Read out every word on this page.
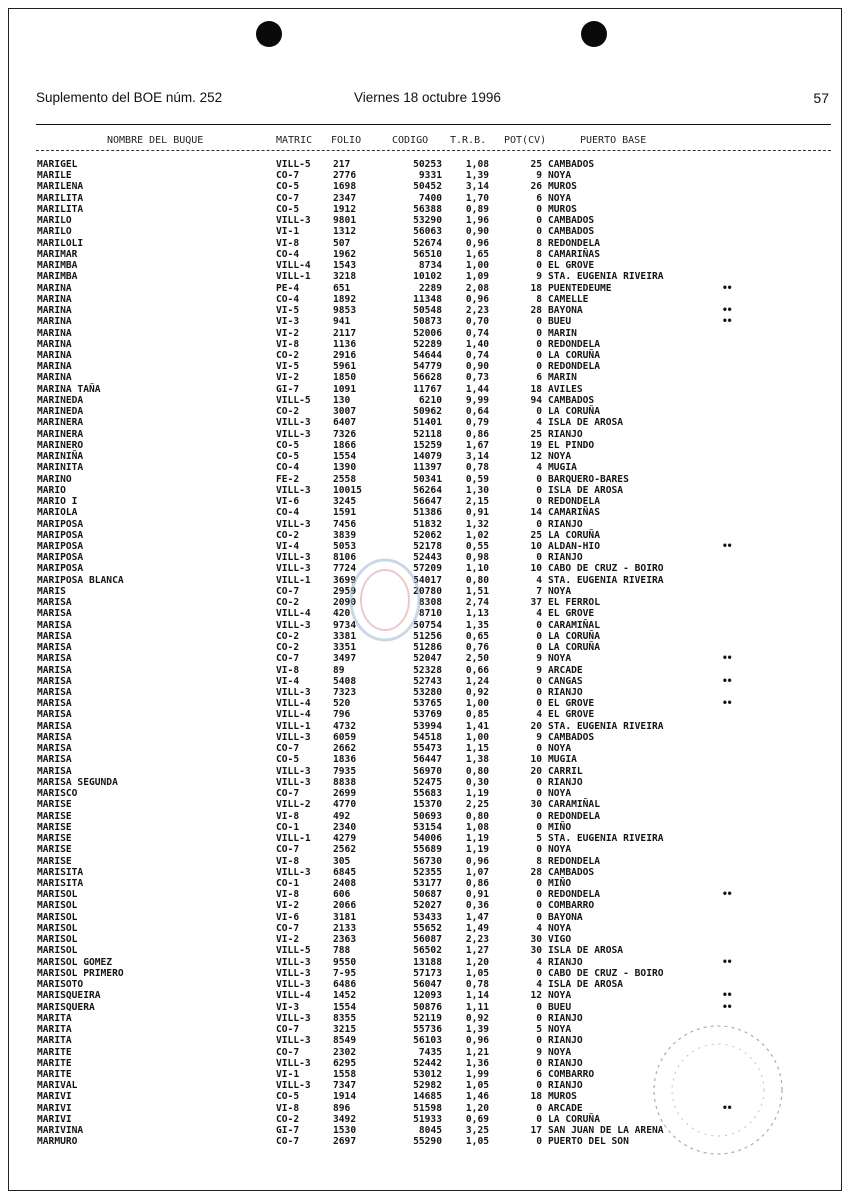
Suplemento del BOE núm. 252	Viernes 18 octubre 1996	57
NOMBRE DEL BUQUE	MATRIC FOLIO	CODIGO T.R.B. POT(CV)	PUERTO BASE
MARIGEL	VILL-5 217	50253	1,08	25 CAMBADOS
MARILE	CO-7	2776	9331	1,39	9 NOYA
MARILENA	CO-5	1698	50452	3,14	26 MUROS
MARILITA	CO-7	2347	7400	1,70	6 NOYA
MARILITA	CO-5	1912	56388	0,89	0 MUROS
MARILO	VILL-3 9801	53290	1,96	0 CAMBADOS
MARILO	VI-1	1312	56063	0,90	0 CAMBADOS
MARILOLI	VI-8	507	52674	0,96	8 REDONDELA
MARIMAR	CO-4	1962	56510	1,65	8 CAMARIÑAS
MARIMBA	VILL-4 1543	8734	1,00	0 EL GROVE
MARIMBA	VILL-1 3218	10102	1,09	9 STA. EUGENIA RIVEIRA
MARINA	PE-4	651	2289	2,08	18 PUENTEDEUME	••
MARINA	CO-4	1892	11348	0,96	8 CAMELLE
MARINA	VI-5	9853	50548	2,23	28 BAYONA	••
MARINA	VI-3	941	50873	0,70	0 BUEU	••
MARINA	VI-2	2117	52006	0,74	0 MARIN
MARINA	VI-8	1136	52289	1,40	0 REDONDELA
MARINA	CO-2	2916	54644	0,74	0 LA CORUÑA
MARINA	VI-5	5961	54779	0,90	0 REDONDELA
MARINA	VI-2	1850	56628	0,73	6 MARIN
MARINA TAÑA	GI-7	1091	11767	1,44	18 AVILES
MARINEDA	VILL-5 130	6210	9,99	94 CAMBADOS
MARINEDA	CO-2	3007	50962	0,64	0 LA CORUÑA
MARINERA	VILL-3 6407	51401	0,79	4 ISLA DE AROSA
MARINERA	VILL-3 7326	52118	0,86	25 RIANJO
MARINERO	CO-5	1866	15259	1,67	19 EL PINDO
MARINIÑA	CO-5	1554	14079	3,14	12 NOYA
MARINITA	CO-4	1390	11397	0,78	4 MUGIA
MARINO	FE-2	2558	50341	0,59	0 BARQUERO-BARES
MARIO	VILL-3 10015	56264	1,30	0 ISLA DE AROSA
MARIO I	VI-6	3245	56647	2,15	0 REDONDELA
MARIOLA	CO-4	1591	51386	0,91	14 CAMARIÑAS
MARIPOSA	VILL-3 7456	51832	1,32	0 RIANJO
MARIPOSA	CO-2	3839	52062	1,02	25 LA CORUÑA
MARIPOSA	VI-4	5053	52178	0,55	10 ALDAN-HIO	••
MARIPOSA	VILL-3 8106	52443	0,98	0 RIANJO
MARIPOSA	VILL-3 7724	57209	1,10	10 CABO DE CRUZ - BOIRO
MARIPOSA BLANCA	VILL-1 3699	54017	0,80	4 STA. EUGENIA RIVEIRA
MARIS	CO-7	2959	20780	1,51	7 NOYA
MARISA	CO-2	2090	8308	2,74	37 EL FERROL
MARISA	VILL-4 420	8710	1,13	4 EL GROVE
MARISA	VILL-3 9734	50754	1,35	0 CARAMIÑAL
MARISA	CO-2	3381	51256	0,65	0 LA CORUÑA
MARISA	CO-2	3351	51286	0,76	0 LA CORUÑA
MARISA	CO-7	3497	52047	2,50	9 NOYA	••
MARISA	VI-8	89	52328	0,66	9 ARCADE
MARISA	VI-4	5408	52743	1,24	0 CANGAS	••
MARISA	VILL-3 7323	53280	0,92	0 RIANJO
MARISA	VILL-4 520	53765	1,00	0 EL GROVE	••
MARISA	VILL-4 796	53769	0,85	4 EL GROVE
MARISA	VILL-1 4732	53994	1,41	20 STA. EUGENIA RIVEIRA
MARISA	VILL-3 6059	54518	1,00	9 CAMBADOS
MARISA	CO-7	2662	55473	1,15	0 NOYA
MARISA	CO-5	1836	56447	1,38	10 MUGIA
MARISA	VILL-3 7935	56970	0,80	20 CARRIL
MARISA SEGUNDA	VILL-3 8838	52475	0,30	0 RIANJO
MARISCO	CO-7	2699	55683	1,19	0 NOYA
MARISE	VILL-2 4770	15370	2,25	30 CARAMIÑAL
MARISE	VI-8	492	50693	0,80	0 REDONDELA
MARISE	CO-1	2340	53154	1,08	0 MIÑO
MARISE	VILL-1 4279	54006	1,19	5 STA. EUGENIA RIVEIRA
MARISE	CO-7	2562	55689	1,19	0 NOYA
MARISE	VI-8	305	56730	0,96	8 REDONDELA
MARISITA	VILL-3 6845	52355	1,07	28 CAMBADOS
MARISITA	CO-1	2408	53177	0,86	0 MIÑO
MARISOL	VI-8	606	50687	0,91	0 REDONDELA	••
MARISOL	VI-2	2066	52027	0,36	0 COMBARRO
MARISOL	VI-6	3181	53433	1,47	0 BAYONA
MARISOL	CO-7	2133	55652	1,49	4 NOYA
MARISOL	VI-2	2363	56087	2,23	30 VIGO
MARISOL	VILL-5 788	56502	1,27	30 ISLA DE AROSA
MARISOL GOMEZ	VILL-3 9550	13188	1,20	4 RIANJO	••
MARISOL PRIMERO	VILL-3 7-95	57173	1,05	0 CABO DE CRUZ - BOIRO
MARISOTO	VILL-3 6486	56047	0,78	4 ISLA DE AROSA
MARISQUEIRA	VILL-4 1452	12093	1,14	12 NOYA	••
MARISQUERA	VI-3	1554	50876	1,11	0 BUEU	••
MARITA	VILL-3 8355	52119	0,92	0 RIANJO
MARITA	CO-7	3215	55736	1,39	5 NOYA
MARITA	VILL-3 8549	56103	0,96	0 RIANJO
MARITE	CO-7	2302	7435	1,21	9 NOYA
MARITE	VILL-3 6295	52442	1,36	0 RIANJO
MARITE	VI-1	1558	53012	1,99	6 COMBARRO
MARIVAL	VILL-3 7347	52982	1,05	0 RIANJO
MARIVI	CO-5	1914	14685	1,46	18 MUROS
MARIVI	VI-8	896	51598	1,20	0 ARCADE	••
MARIVI	CO-2	3492	51933	0,69	0 LA CORUÑA
MARIVINA	GI-7	1530	8045	3,25	17 SAN JUAN DE LA ARENA
MARMURO	CO-7	2697	55290	1,05	0 PUERTO DEL SON
